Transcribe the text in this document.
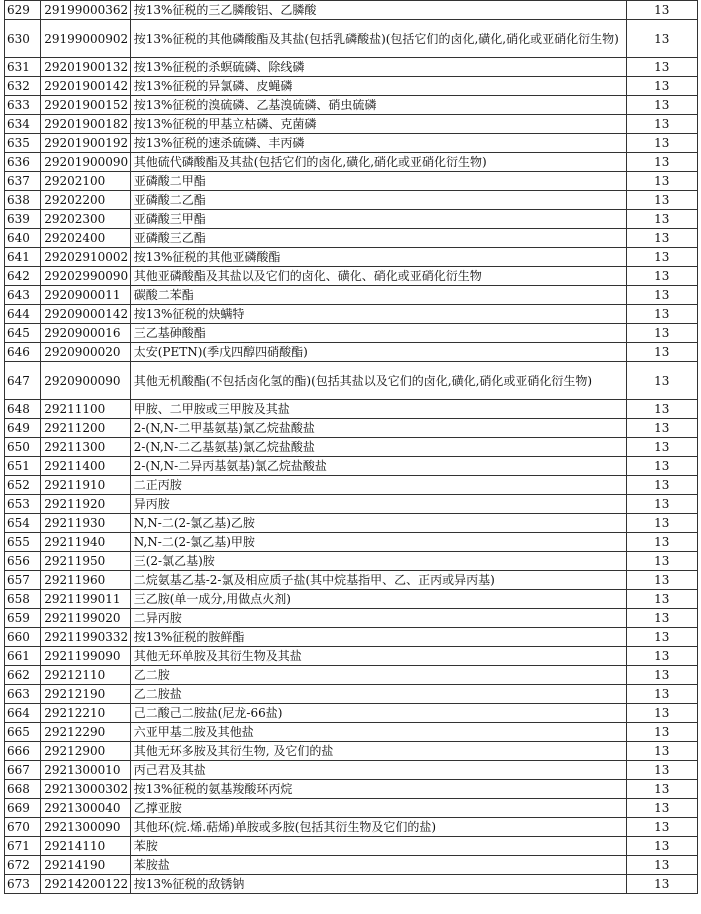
629	29199000362	按13%征税的三乙膦酸铝、乙膦酸	13
630	29199000902	按13%征税的其他磷酸酯及其盐(包括乳磷酸盐)(包括它们的卤化,磺化,硝化或亚硝化衍生物)	13
631	29201900132	按13%征税的杀螟硫磷、除线磷	13
632	29201900142	按13%征税的异氯磷、皮蝇磷	13
633	29201900152	按13%征税的溴硫磷、乙基溴硫磷、硝虫硫磷	13
634	29201900182	按13%征税的甲基立枯磷、克菌磷	13
635	29201900192	按13%征税的速杀硫磷、丰丙磷	13
636	29201900090	其他硫代磷酸酯及其盐(包括它们的卤化,磺化,硝化或亚硝化衍生物)	13
637	29202100	亚磷酸二甲酯	13
638	29202200	亚磷酸二乙酯	13
639	29202300	亚磷酸三甲酯	13
640	29202400	亚磷酸三乙酯	13
641	29202910002	按13%征税的其他亚磷酸酯	13
642	29202990090	其他亚磷酸酯及其盐以及它们的卤化、磺化、硝化或亚硝化衍生物	13
643	2920900011	碳酸二苯酯	13
644	29209000142	按13%征税的炔螨特	13
645	2920900016	三乙基砷酸酯	13
646	2920900020	太安(PETN)(季戊四醇四硝酸酯)	13
647	2920900090	其他无机酸酯(不包括卤化氢的酯)(包括其盐以及它们的卤化,磺化,硝化或亚硝化衍生物)	13
648	29211100	甲胺、二甲胺或三甲胺及其盐	13
649	29211200	2-(N,N-二甲基氨基)氯乙烷盐酸盐	13
650	29211300	2-(N,N-二乙基氨基)氯乙烷盐酸盐	13
651	29211400	2-(N,N-二异丙基氨基)氯乙烷盐酸盐	13
652	29211910	二正丙胺	13
653	29211920	异丙胺	13
654	29211930	N,N-二(2-氯乙基)乙胺	13
655	29211940	N,N-二(2-氯乙基)甲胺	13
656	29211950	三(2-氯乙基)胺	13
657	29211960	二烷氨基乙基-2-氯及相应质子盐(其中烷基指甲、乙、正丙或异丙基)	13
658	2921199011	三乙胺(单一成分,用做点火剂)	13
659	2921199020	二异丙胺	13
660	29211990332	按13%征税的胺鲜酯	13
661	2921199090	其他无环单胺及其衍生物及其盐	13
662	29212110	乙二胺	13
663	29212190	乙二胺盐	13
664	29212210	己二酸己二胺盐(尼龙-66盐)	13
665	29212290	六亚甲基二胺及其他盐	13
666	29212900	其他无环多胺及其衍生物, 及它们的盐	13
667	2921300010	丙己君及其盐	13
668	29213000302	按13%征税的氨基羧酸环丙烷	13
669	2921300040	乙撑亚胺	13
670	2921300090	其他环(烷.烯.萜烯)单胺或多胺(包括其衍生物及它们的盐)	13
671	29214110	苯胺	13
672	29214190	苯胺盐	13
673	29214200122	按13%征税的敌锈钠	13
